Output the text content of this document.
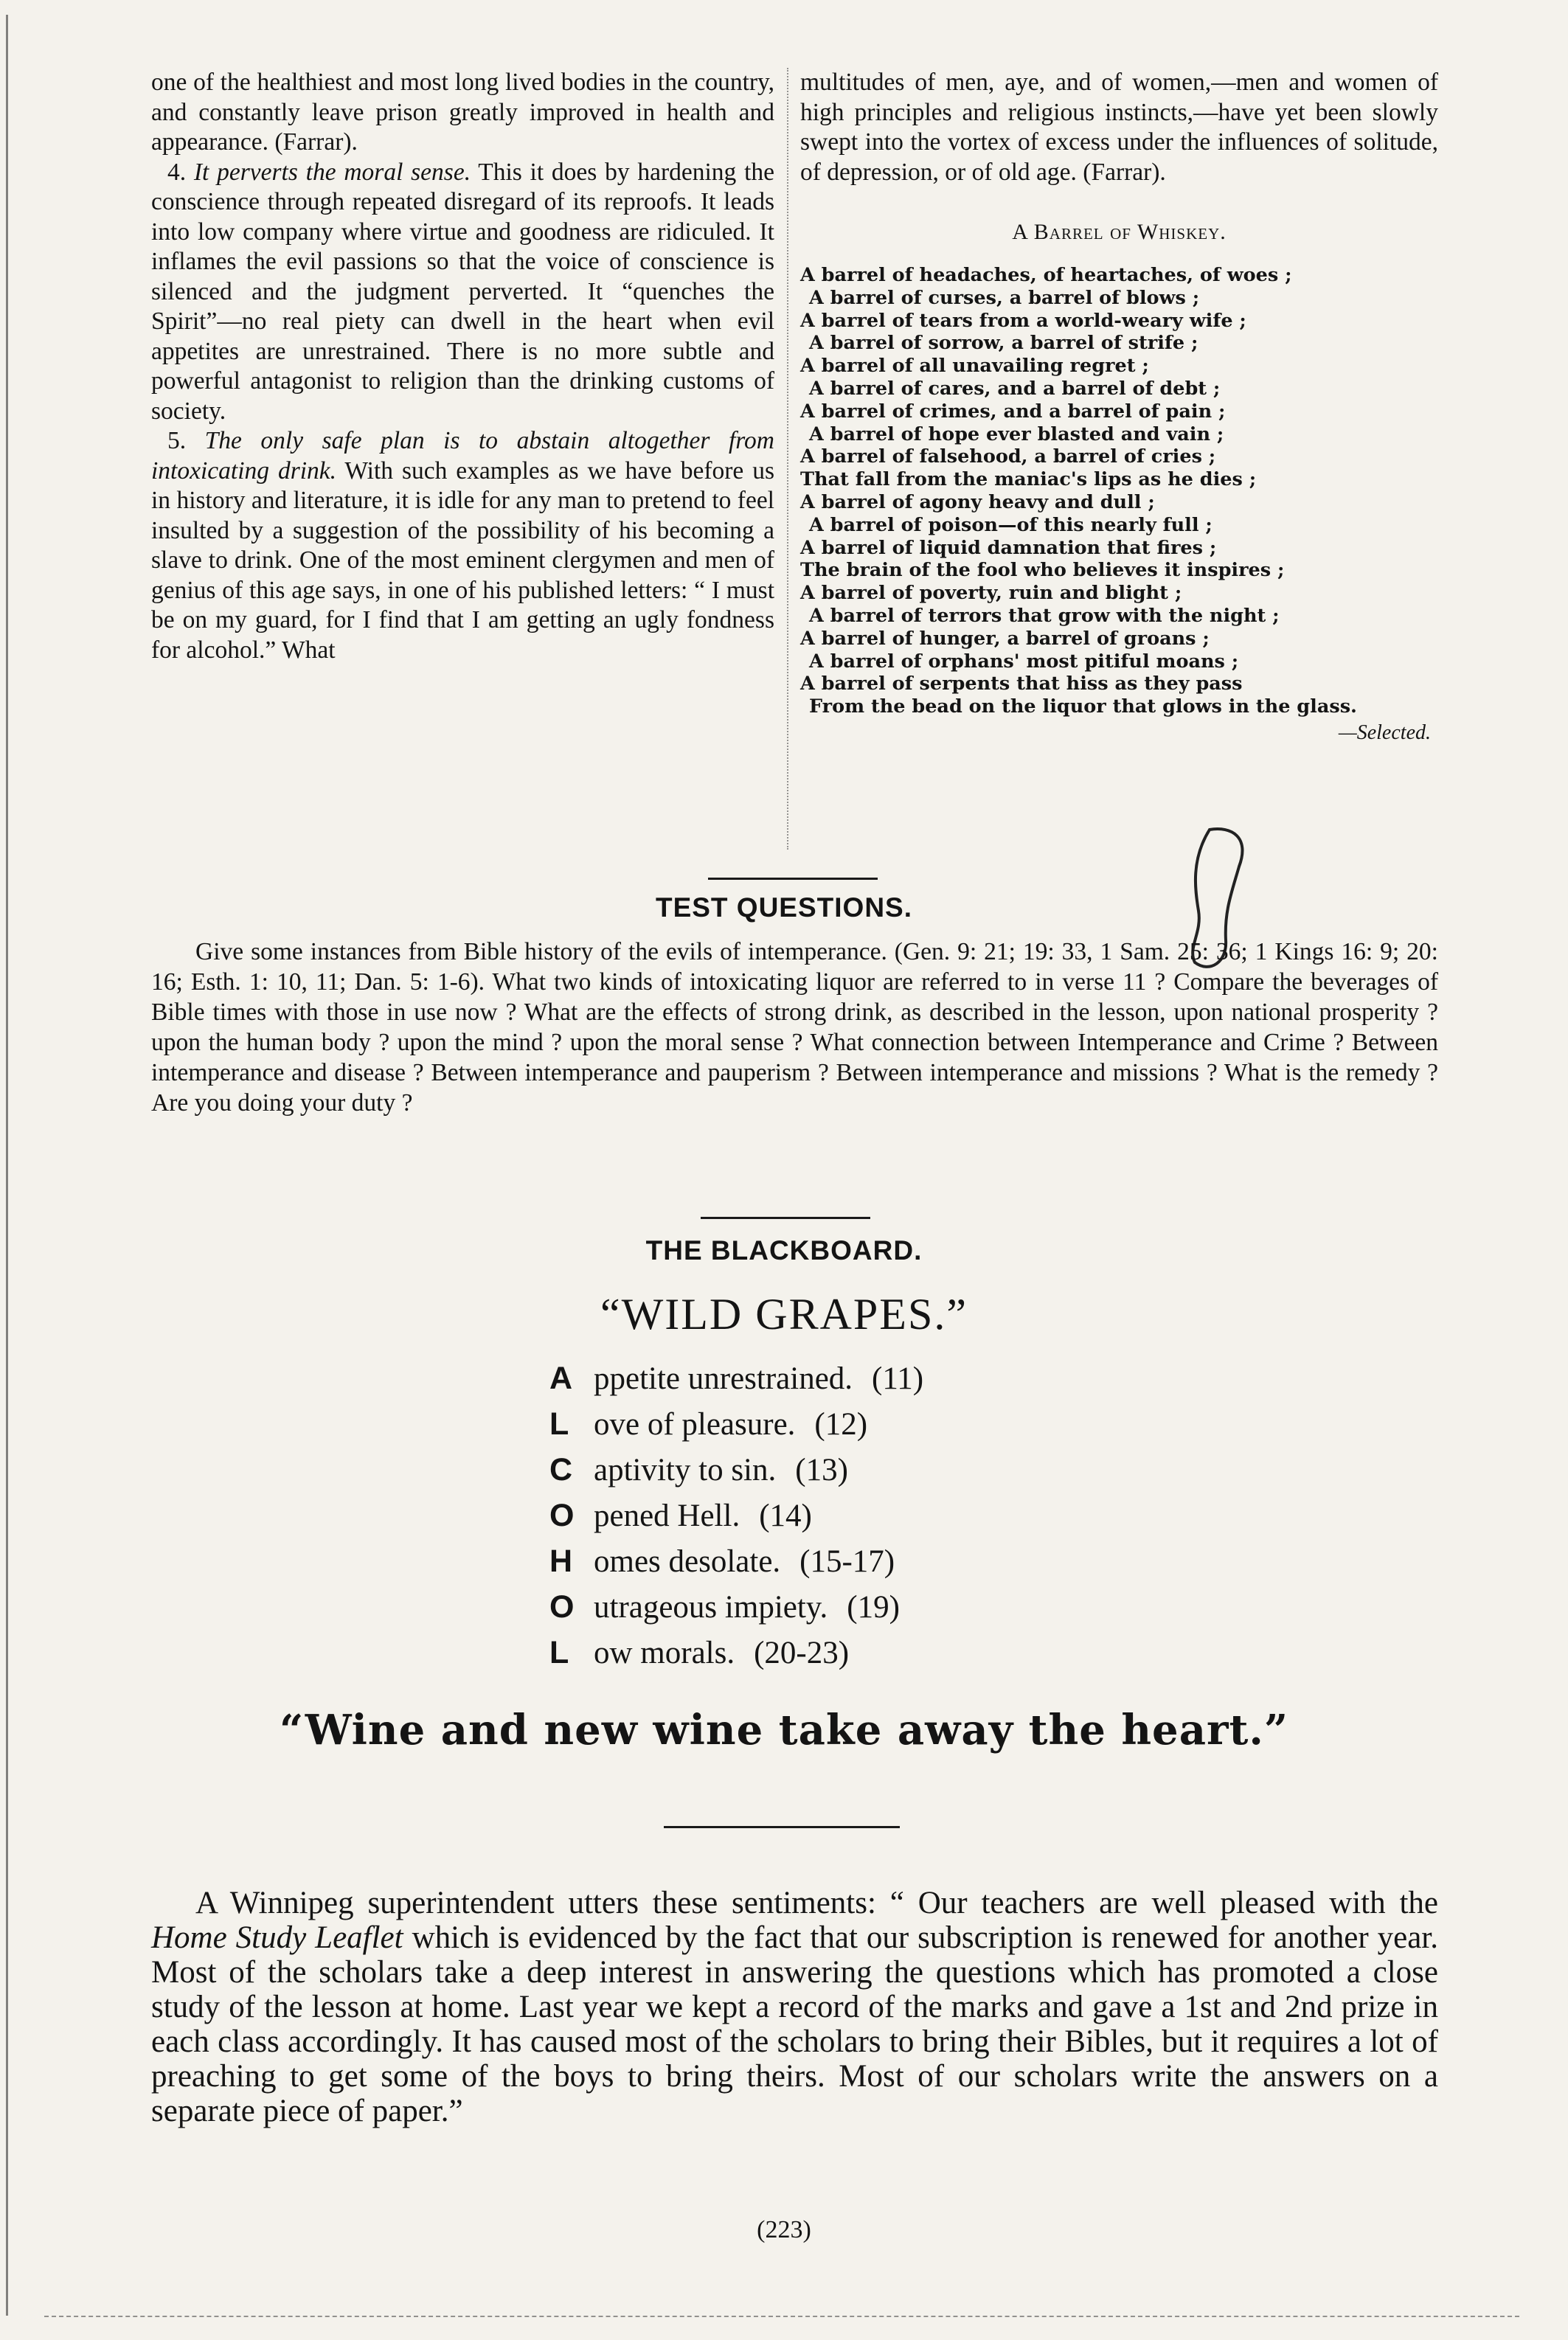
one of the healthiest and most long lived bodies in the country, and constantly leave prison greatly improved in health and appearance. (Farrar).

4. It perverts the moral sense. This it does by hardening the conscience through repeated disregard of its reproofs. It leads into low company where virtue and goodness are ridiculed. It inflames the evil passions so that the voice of conscience is silenced and the judgment perverted. It “quenches the Spirit”—no real piety can dwell in the heart when evil appetites are unrestrained. There is no more subtle and powerful antagonist to religion than the drinking customs of society.

5. The only safe plan is to abstain altogether from intoxicating drink. With such examples as we have before us in history and literature, it is idle for any man to pretend to feel insulted by a suggestion of the possibility of his becoming a slave to drink. One of the most eminent clergymen and men of genius of this age says, in one of his published letters: “ I must be on my guard, for I find that I am getting an ugly fondness for alcohol.” What

multitudes of men, aye, and of women,—men and women of high principles and religious instincts,—have yet been slowly swept into the vortex of excess under the influences of solitude, of depression, or of old age. (Farrar).

A Barrel of Whiskey.
A barrel of headaches, of heartaches, of woes ;
A barrel of curses, a barrel of blows ;
A barrel of tears from a world-weary wife ;
A barrel of sorrow, a barrel of strife ;
A barrel of all unavailing regret ;
A barrel of cares, and a barrel of debt ;
A barrel of crimes, and a barrel of pain ;
A barrel of hope ever blasted and vain ;
A barrel of falsehood, a barrel of cries ;
That fall from the maniac's lips as he dies ;
A barrel of agony heavy and dull ;
A barrel of poison—of this nearly full ;
A barrel of liquid damnation that fires ;
The brain of the fool who believes it inspires ;
A barrel of poverty, ruin and blight ;
A barrel of terrors that grow with the night ;
A barrel of hunger, a barrel of groans ;
A barrel of orphans' most pitiful moans ;
A barrel of serpents that hiss as they pass
From the bead on the liquor that glows in the glass.
—Selected.
TEST QUESTIONS.

Give some instances from Bible history of the evils of intemperance. (Gen. 9: 21; 19: 33, 1 Sam. 25: 36; 1 Kings 16: 9; 20: 16; Esth. 1: 10, 11; Dan. 5: 1-6). What two kinds of intoxicating liquor are referred to in verse 11 ? Compare the beverages of Bible times with those in use now ? What are the effects of strong drink, as described in the lesson, upon national prosperity ? upon the human body ? upon the mind ? upon the moral sense ? What connection between Intemperance and Crime ? Between intemperance and disease ? Between intemperance and pauperism ? Between intemperance and missions ? What is the remedy ? Are you doing your duty ?

THE BLACKBOARD.
“WILD GRAPES.”
A ppetite unrestrained. (11)
L ove of pleasure. (12)
C aptivity to sin. (13)
O pened Hell. (14)
H omes desolate. (15-17)
O utrageous impiety. (19)
L ow morals. (20-23)
“Wine and new wine take away the heart.”

A Winnipeg superintendent utters these sentiments: “ Our teachers are well pleased with the Home Study Leaflet which is evidenced by the fact that our subscription is renewed for another year. Most of the scholars take a deep interest in answering the questions which has promoted a close study of the lesson at home. Last year we kept a record of the marks and gave a 1st and 2nd prize in each class accordingly. It has caused most of the scholars to bring their Bibles, but it requires a lot of preaching to get some of the boys to bring theirs. Most of our scholars write the answers on a separate piece of paper.”

(223)
